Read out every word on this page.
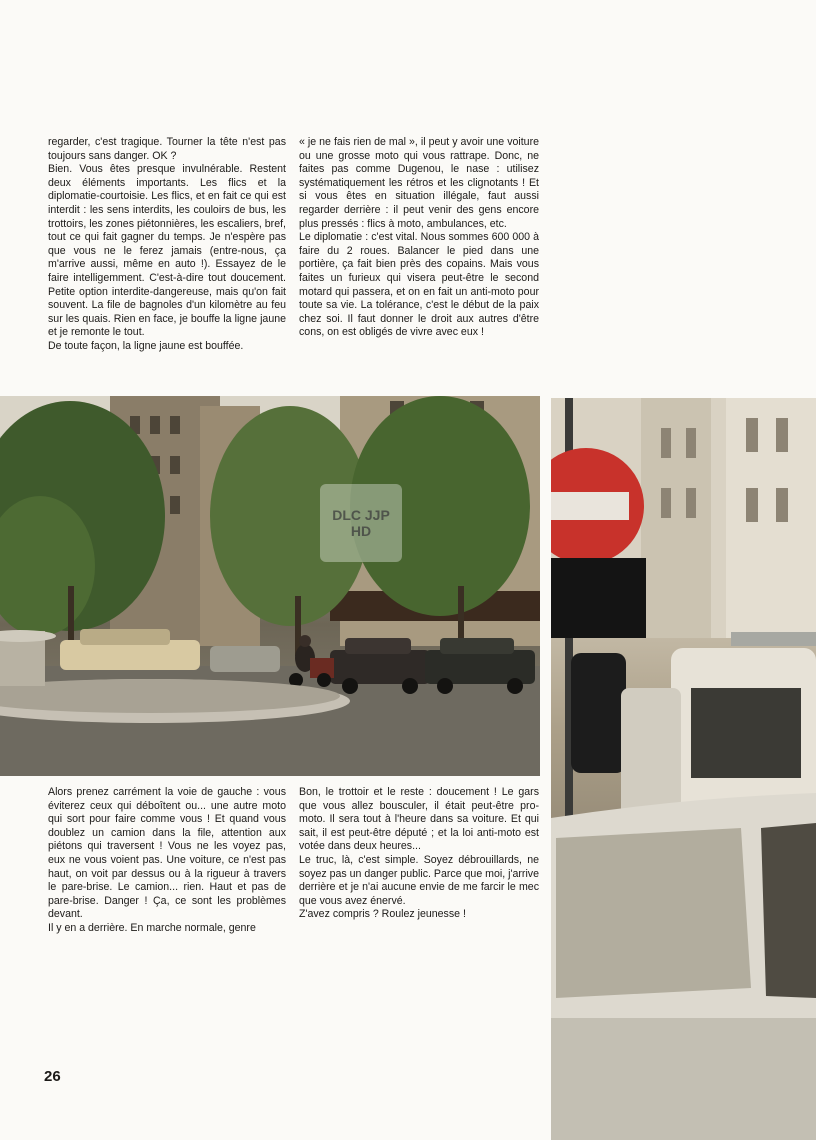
regarder, c'est tragique. Tourner la tête n'est pas toujours sans danger. OK ?

Bien. Vous êtes presque invulnérable. Restent deux éléments importants. Les flics et la diplomatie-courtoisie. Les flics, et en fait ce qui est interdit : les sens interdits, les couloirs de bus, les trottoirs, les zones piétonnières, les escaliers, bref, tout ce qui fait gagner du temps. Je n'espère pas que vous ne le ferez jamais (entre-nous, ça m'arrive aussi, même en auto !). Essayez de le faire intelligemment. C'est-à-dire tout doucement. Petite option interdite-dangereuse, mais qu'on fait souvent. La file de bagnoles d'un kilomètre au feu sur les quais. Rien en face, je bouffe la ligne jaune et je remonte le tout.

De toute façon, la ligne jaune est bouffée.

« je ne fais rien de mal », il peut y avoir une voiture ou une grosse moto qui vous rattrape. Donc, ne faites pas comme Dugenou, le nase : utilisez systématiquement les rétros et les clignotants ! Et si vous êtes en situation illégale, faut aussi regarder derrière : il peut venir des gens encore plus pressés : flics à moto, ambulances, etc.

Le diplomatie : c'est vital. Nous sommes 600 000 à faire du 2 roues. Balancer le pied dans une portière, ça fait bien près des copains. Mais vous faites un furieux qui visera peut-être le second motard qui passera, et on en fait un anti-moto pour toute sa vie. La tolérance, c'est le début de la paix chez soi. Il faut donner le droit aux autres d'être cons, on est obligés de vivre avec eux !

DLC JJP HD

Alors prenez carrément la voie de gauche : vous éviterez ceux qui déboîtent ou... une autre moto qui sort pour faire comme vous ! Et quand vous doublez un camion dans la file, attention aux piétons qui traversent ! Vous ne les voyez pas, eux ne vous voient pas. Une voiture, ce n'est pas haut, on voit par dessus ou à la rigueur à travers le pare-brise. Le camion... rien. Haut et pas de pare-brise. Danger ! Ça, ce sont les problèmes devant.

Il y en a derrière. En marche normale, genre

Bon, le trottoir et le reste : doucement ! Le gars que vous allez bousculer, il était peut-être pro-moto. Il sera tout à l'heure dans sa voiture. Et qui sait, il est peut-être député ; et la loi anti-moto est votée dans deux heures...

Le truc, là, c'est simple. Soyez débrouillards, ne soyez pas un danger public. Parce que moi, j'arrive derrière et je n'ai aucune envie de me farcir le mec que vous avez énervé.

Z'avez compris ? Roulez jeunesse !

26
